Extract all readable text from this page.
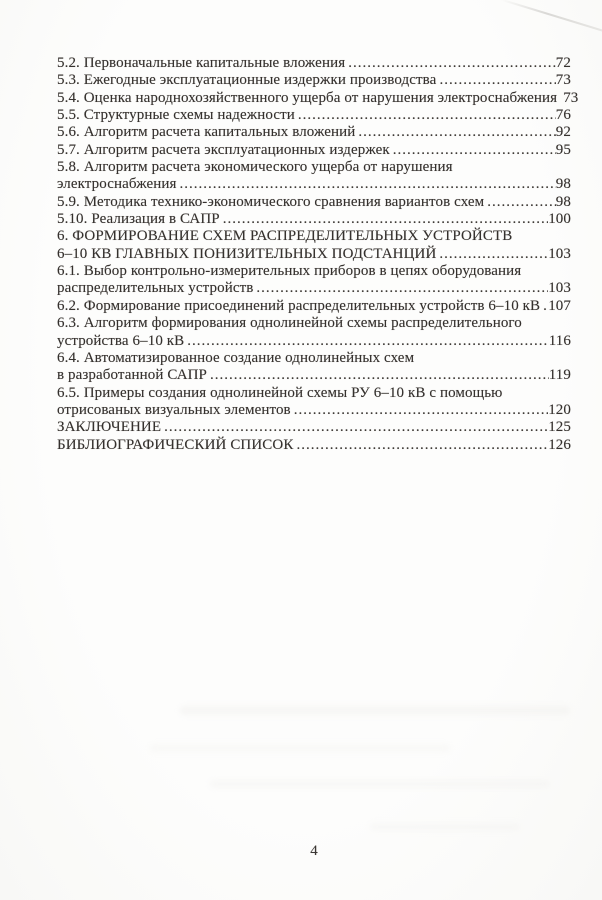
5.2. Первоначальные капитальные вложения .....	72
5.3. Ежегодные эксплуатационные издержки производства .....	73
5.4. Оценка народнохозяйственного ущерба от нарушения электроснабжения 73
5.5. Структурные схемы надежности .....	76
5.6. Алгоритм расчета капитальных вложений .....	92
5.7. Алгоритм расчета эксплуатационных издержек .....	95
5.8. Алгоритм расчета экономического ущерба от нарушения
электроснабжения .....	98
5.9. Методика технико-экономического сравнения вариантов схем .....	98
5.10. Реализация в САПР .....	100
6. ФОРМИРОВАНИЕ СХЕМ РАСПРЕДЕЛИТЕЛЬНЫХ УСТРОЙСТВ
6–10 КВ ГЛАВНЫХ ПОНИЗИТЕЛЬНЫХ ПОДСТАНЦИЙ .....	103
6.1. Выбор контрольно-измерительных приборов в цепях оборудования
распределительных устройств .....	103
6.2. Формирование присоединений распределительных устройств 6–10 кВ ..... 107
6.3. Алгоритм формирования однолинейной схемы распределительного
устройства 6–10 кВ .....	116
6.4. Автоматизированное создание однолинейных схем
в разработанной САПР .....	119
6.5. Примеры создания однолинейной схемы РУ 6–10 кВ с помощью
отрисованых визуальных элементов .....	120
ЗАКЛЮЧЕНИЕ .....	125
БИБЛИОГРАФИЧЕСКИЙ СПИСОК .....	126
4
